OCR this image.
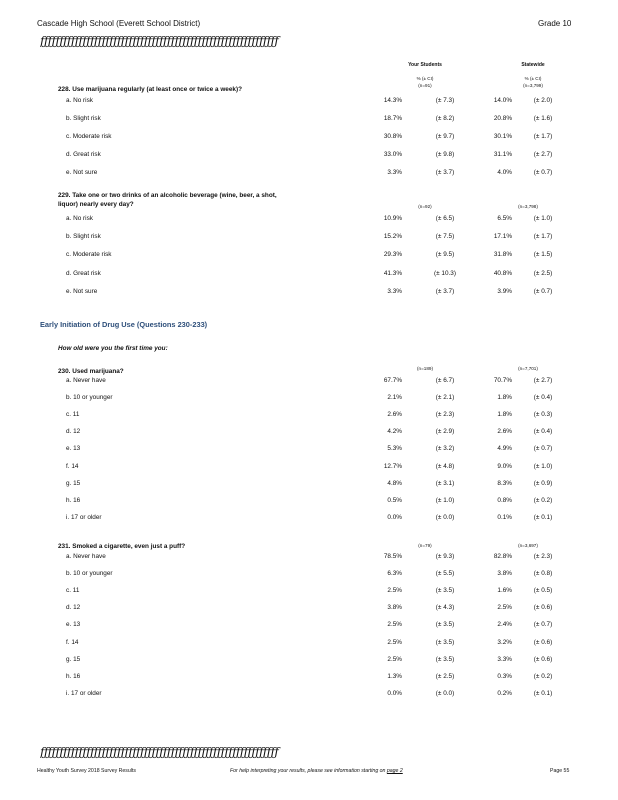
Cascade High School (Everett School District)	Grade 10
ƒƒƒƒƒƒƒƒƒƒƒƒƒƒƒƒƒƒƒƒƒƒƒƒƒƒƒƒƒƒƒƒƒƒƒƒƒƒƒƒƒƒƒƒƒƒƒƒƒƒƒƒƒƒƒƒƒƒƒƒƒƒ
Your Students	Statewide
% (± CI)	% (± CI)
(n=91)	(n=3,799)
228. Use marijuana regularly (at least once or twice a week)?
a. No risk	14.3%	(± 7.3)	14.0%	(± 2.0)
b. Slight risk	18.7%	(± 8.2)	20.8%	(± 1.6)
c. Moderate risk	30.8%	(± 9.7)	30.1%	(± 1.7)
d. Great risk	33.0%	(± 9.8)	31.1%	(± 2.7)
e. Not sure	3.3%	(± 3.7)	4.0%	(± 0.7)
229. Take one or two drinks of an alcoholic beverage (wine, beer, a shot,
liquor) nearly every day?	(n=92)	(n=3,798)
a. No risk	10.9%	(± 6.5)	6.5%	(± 1.0)
b. Slight risk	15.2%	(± 7.5)	17.1%	(± 1.7)
c. Moderate risk	29.3%	(± 9.5)	31.8%	(± 1.5)
d. Great risk	41.3%	(± 10.3)	40.8%	(± 2.5)
e. Not sure	3.3%	(± 3.7)	3.9%	(± 0.7)
Early Initiation of Drug Use (Questions 230-233)
How old were you the first time you:
230. Used marijuana?	(n=189)	(n=7,701)
a. Never have	67.7%	(± 6.7)	70.7%	(± 2.7)
b. 10 or younger	2.1%	(± 2.1)	1.8%	(± 0.4)
c. 11	2.6%	(± 2.3)	1.8%	(± 0.3)
d. 12	4.2%	(± 2.9)	2.6%	(± 0.4)
e. 13	5.3%	(± 3.2)	4.9%	(± 0.7)
f. 14	12.7%	(± 4.8)	9.0%	(± 1.0)
g. 15	4.8%	(± 3.1)	8.3%	(± 0.9)
h. 16	0.5%	(± 1.0)	0.8%	(± 0.2)
i. 17 or older	0.0%	(± 0.0)	0.1%	(± 0.1)
231. Smoked a cigarette, even just a puff?	(n=79)	(n=3,697)
a. Never have	78.5%	(± 9.3)	82.8%	(± 2.3)
b. 10 or younger	6.3%	(± 5.5)	3.8%	(± 0.8)
c. 11	2.5%	(± 3.5)	1.6%	(± 0.5)
d. 12	3.8%	(± 4.3)	2.5%	(± 0.6)
e. 13	2.5%	(± 3.5)	2.4%	(± 0.7)
f. 14	2.5%	(± 3.5)	3.2%	(± 0.6)
g. 15	2.5%	(± 3.5)	3.3%	(± 0.6)
h. 16	1.3%	(± 2.5)	0.3%	(± 0.2)
i. 17 or older	0.0%	(± 0.0)	0.2%	(± 0.1)
ƒƒƒƒƒƒƒƒƒƒƒƒƒƒƒƒƒƒƒƒƒƒƒƒƒƒƒƒƒƒƒƒƒƒƒƒƒƒƒƒƒƒƒƒƒƒƒƒƒƒƒƒƒƒƒƒƒƒƒƒƒƒ
Healthy Youth Survey 2018 Survey Results	For help interpreting your results, please see information starting on page 2	Page 55
